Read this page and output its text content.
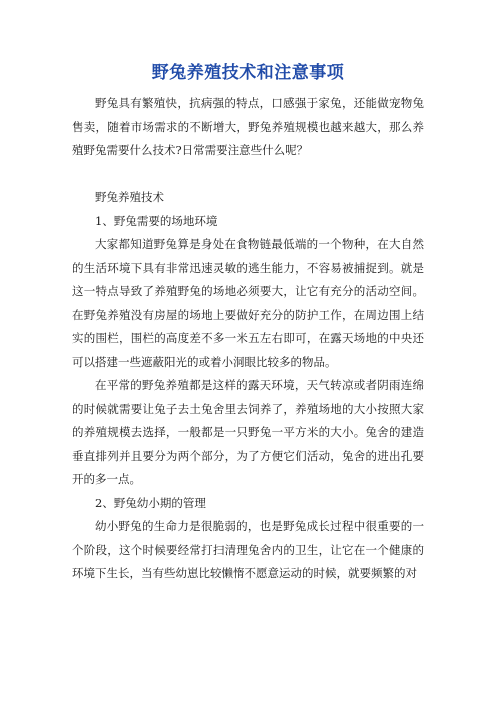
野兔养殖技术和注意事项

野兔具有繁殖快，抗病强的特点，口感强于家兔，还能做宠物兔售卖，随着市场需求的不断增大，野兔养殖规模也越来越大，那么养殖野兔需要什么技术?日常需要注意些什么呢？

野兔养殖技术

1、野兔需要的场地环境

大家都知道野兔算是身处在食物链最低端的一个物种，在大自然的生活环境下具有非常迅速灵敏的逃生能力，不容易被捕捉到。就是这一特点导致了养殖野兔的场地必须要大，让它有充分的活动空间。在野兔养殖没有房屋的场地上要做好充分的防护工作，在周边围上结实的围栏，围栏的高度差不多一米五左右即可，在露天场地的中央还可以搭建一些遮蔽阳光的或着小洞眼比较多的物品。

在平常的野兔养殖都是这样的露天环境，天气转凉或者阴雨连绵的时候就需要让兔子去土兔舍里去饲养了，养殖场地的大小按照大家的养殖规模去选择，一般都是一只野兔一平方米的大小。兔舍的建造垂直排列并且要分为两个部分，为了方便它们活动，兔舍的进出孔要开的多一点。

2、野兔幼小期的管理

幼小野兔的生命力是很脆弱的，也是野兔成长过程中很重要的一个阶段，这个时候要经常打扫清理兔舍内的卫生，让它在一个健康的环境下生长，当有些幼崽比较懒惰不愿意运动的时候，就要频繁的对
